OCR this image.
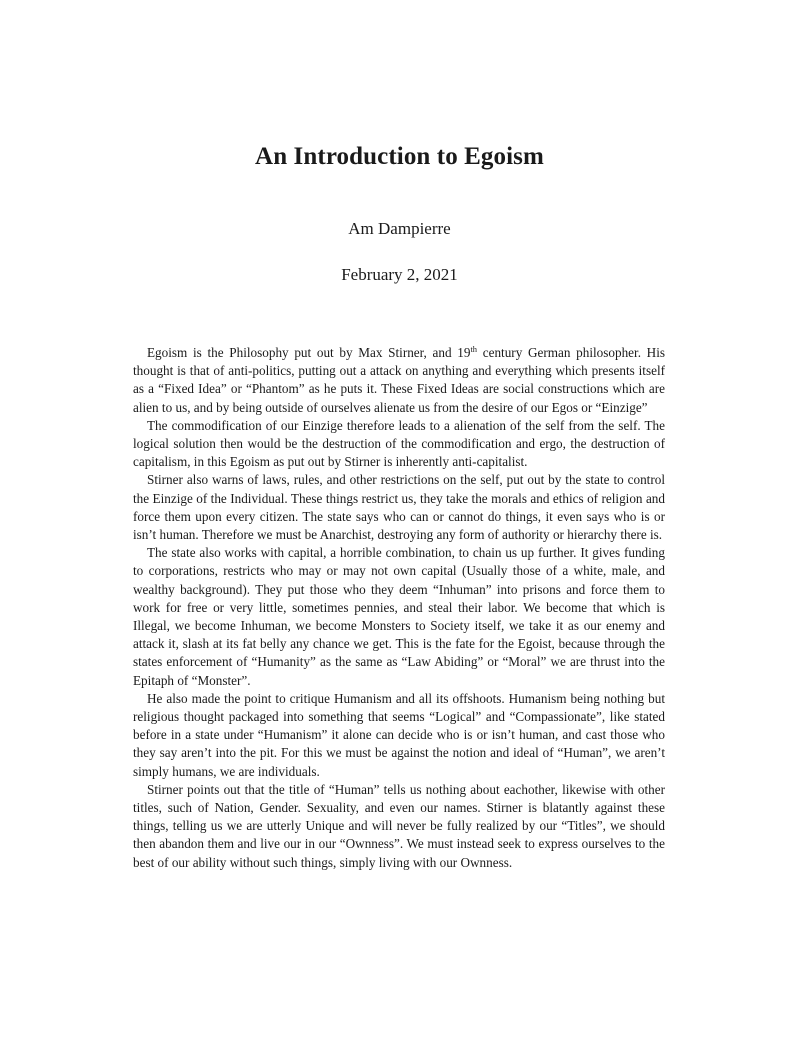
An Introduction to Egoism
Am Dampierre
February 2, 2021

Egoism is the Philosophy put out by Max Stirner, and 19th century German philosopher. His thought is that of anti-politics, putting out a attack on anything and everything which presents itself as a “Fixed Idea” or “Phantom” as he puts it. These Fixed Ideas are social constructions which are alien to us, and by being outside of ourselves alienate us from the desire of our Egos or “Einzige”

The commodification of our Einzige therefore leads to a alienation of the self from the self. The logical solution then would be the destruction of the commodification and ergo, the destruction of capitalism, in this Egoism as put out by Stirner is inherently anti-capitalist.

Stirner also warns of laws, rules, and other restrictions on the self, put out by the state to control the Einzige of the Individual. These things restrict us, they take the morals and ethics of religion and force them upon every citizen. The state says who can or cannot do things, it even says who is or isn’t human. Therefore we must be Anarchist, destroying any form of authority or hierarchy there is.

The state also works with capital, a horrible combination, to chain us up further. It gives funding to corporations, restricts who may or may not own capital (Usually those of a white, male, and wealthy background). They put those who they deem “Inhuman” into prisons and force them to work for free or very little, sometimes pennies, and steal their labor. We become that which is Illegal, we become Inhuman, we become Monsters to Society itself, we take it as our enemy and attack it, slash at its fat belly any chance we get. This is the fate for the Egoist, because through the states enforcement of “Humanity” as the same as “Law Abiding” or “Moral” we are thrust into the Epitaph of “Monster”.

He also made the point to critique Humanism and all its offshoots. Humanism being nothing but religious thought packaged into something that seems “Logical” and “Compassionate”, like stated before in a state under “Humanism” it alone can decide who is or isn’t human, and cast those who they say aren’t into the pit. For this we must be against the notion and ideal of “Human”, we aren’t simply humans, we are individuals.

Stirner points out that the title of “Human” tells us nothing about eachother, likewise with other titles, such of Nation, Gender. Sexuality, and even our names. Stirner is blatantly against these things, telling us we are utterly Unique and will never be fully realized by our “Titles”, we should then abandon them and live our in our “Ownness”. We must instead seek to express ourselves to the best of our ability without such things, simply living with our Ownness.
